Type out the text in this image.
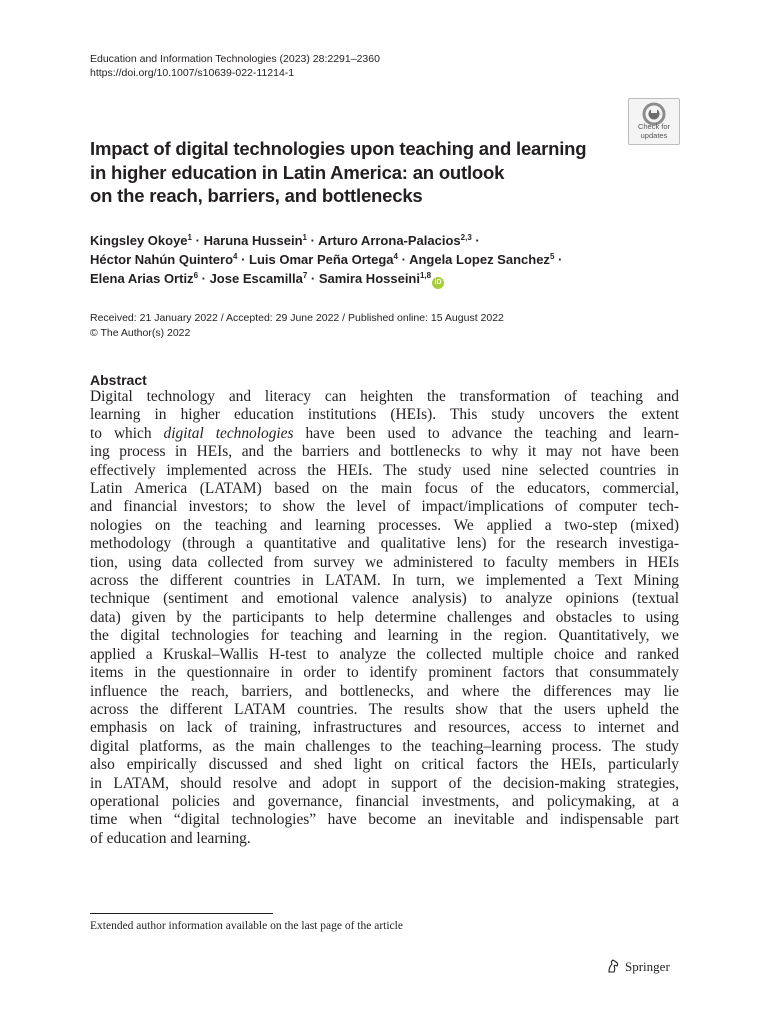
Education and Information Technologies (2023) 28:2291–2360
https://doi.org/10.1007/s10639-022-11214-1
Check for
updates
Impact of digital technologies upon teaching and learning
in higher education in Latin America: an outlook
on the reach, barriers, and bottlenecks
Kingsley Okoye$^1$ · Haruna Hussein$^1$ · Arturo Arrona‑Palacios$^{2,3}$ ·
Héctor Nahún Quintero$^4$ · Luis Omar Peña Ortega$^4$ · Angela Lopez Sanchez$^5$ ·
Elena Arias Ortiz$^6$ · Jose Escamilla$^7$ · Samira Hosseini$^{1,8}$iD
Received: 21 January 2022 / Accepted: 29 June 2022 / Published online: 15 August 2022
© The Author(s) 2022
Abstract
Digital technology and literacy can heighten the transformation of teaching and
learning in higher education institutions (HEIs). This study uncovers the extent
to which digital technologies have been used to advance the teaching and learn-
ing process in HEIs, and the barriers and bottlenecks to why it may not have been
effectively implemented across the HEIs. The study used nine selected countries in
Latin America (LATAM) based on the main focus of the educators, commercial,
and financial investors; to show the level of impact/implications of computer tech-
nologies on the teaching and learning processes. We applied a two-step (mixed)
methodology (through a quantitative and qualitative lens) for the research investiga-
tion, using data collected from survey we administered to faculty members in HEIs
across the different countries in LATAM. In turn, we implemented a Text Mining
technique (sentiment and emotional valence analysis) to analyze opinions (textual
data) given by the participants to help determine challenges and obstacles to using
the digital technologies for teaching and learning in the region. Quantitatively, we
applied a Kruskal–Wallis H-test to analyze the collected multiple choice and ranked
items in the questionnaire in order to identify prominent factors that consummately
influence the reach, barriers, and bottlenecks, and where the differences may lie
across the different LATAM countries. The results show that the users upheld the
emphasis on lack of training, infrastructures and resources, access to internet and
digital platforms, as the main challenges to the teaching–learning process. The study
also empirically discussed and shed light on critical factors the HEIs, particularly
in LATAM, should resolve and adopt in support of the decision-making strategies,
operational policies and governance, financial investments, and policymaking, at a
time when “digital technologies” have become an inevitable and indispensable part
of education and learning.
Extended author information available on the last page of the article
Springer
